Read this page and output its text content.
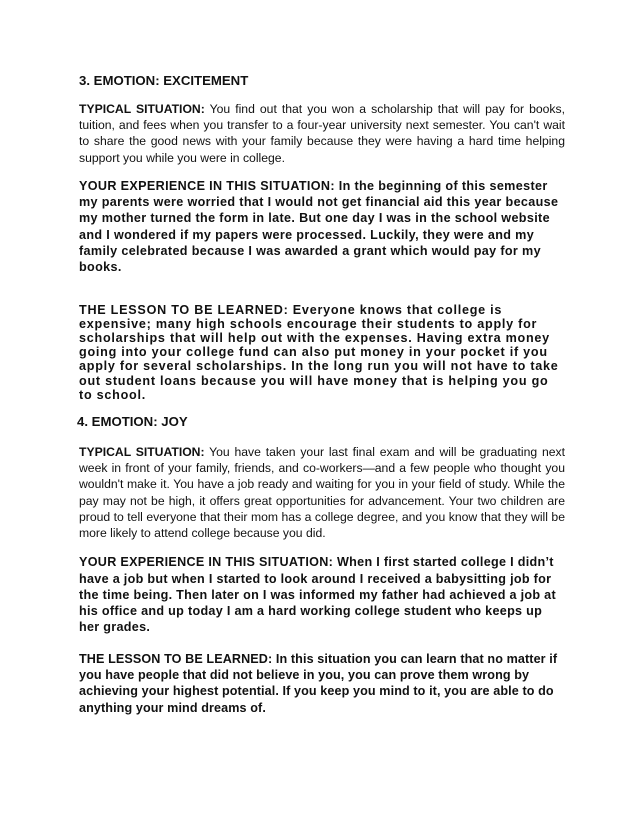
3. EMOTION: EXCITEMENT

TYPICAL SITUATION: You find out that you won a scholarship that will pay for books, tuition, and fees when you transfer to a four-year university next semester. You can't wait to share the good news with your family because they were having a hard time helping support you while you were in college.

YOUR EXPERIENCE IN THIS SITUATION: In the beginning of this semester my parents were worried that I would not get financial aid this year because my mother turned the form in late. But one day I was in the school website and I wondered if my papers were processed. Luckily, they were and my family celebrated because I was awarded a grant which would pay for my books.

THE LESSON TO BE LEARNED: Everyone knows that college is expensive; many high schools encourage their students to apply for scholarships that will help out with the expenses. Having extra money going into your college fund can also put money in your pocket if you apply for several scholarships. In the long run you will not have to take out student loans because you will have money that is helping you go to school.

4. EMOTION: JOY

TYPICAL SITUATION: You have taken your last final exam and will be graduating next week in front of your family, friends, and co-workers—and a few people who thought you wouldn't make it. You have a job ready and waiting for you in your field of study. While the pay may not be high, it offers great opportunities for advancement. Your two children are proud to tell everyone that their mom has a college degree, and you know that they will be more likely to attend college because you did.

YOUR EXPERIENCE IN THIS SITUATION: When I first started college I didn’t have a job but when I started to look around I received a babysitting job for the time being. Then later on I was informed my father had achieved a job at his office and up today I am a hard working college student who keeps up her grades.

THE LESSON TO BE LEARNED: In this situation you can learn that no matter if you have people that did not believe in you, you can prove them wrong by achieving your highest potential. If you keep you mind to it, you are able to do anything your mind dreams of.
